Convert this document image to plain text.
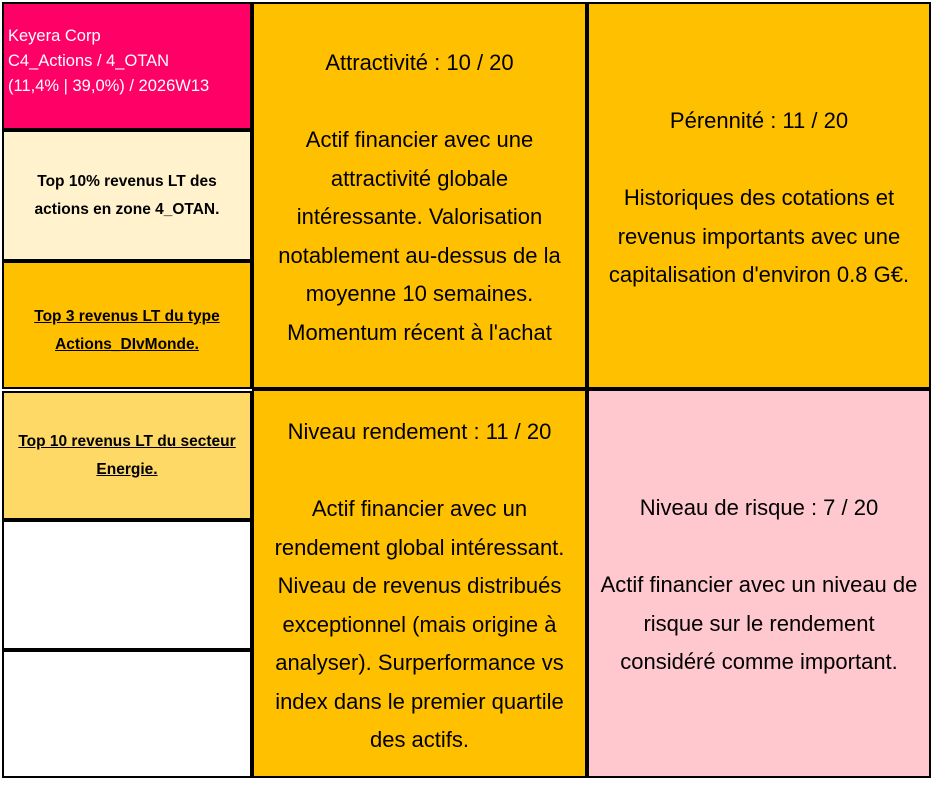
Keyera Corp
C4_Actions / 4_OTAN
(11,4% | 39,0%) / 2026W13
Top 10% revenus LT des actions en zone 4_OTAN.
Top 3 revenus LT du type Actions_DIvMonde.
Top 10 revenus LT du secteur Energie.
Attractivité : 10 / 20
Actif financier avec une
attractivité globale
intéressante. Valorisation
notablement au-dessus de la
moyenne 10 semaines.
Momentum récent à l'achat
Pérennité : 11 / 20
Historiques des cotations et
revenus importants avec une
capitalisation d'environ 0.8 G€.
Niveau rendement : 11 / 20
Actif financier avec un
rendement global intéressant.
Niveau de revenus distribués
exceptionnel (mais origine à
analyser). Surperformance vs
index dans le premier quartile
des actifs.
Niveau de risque : 7 / 20
Actif financier avec un niveau de
risque sur le rendement
considéré comme important.
